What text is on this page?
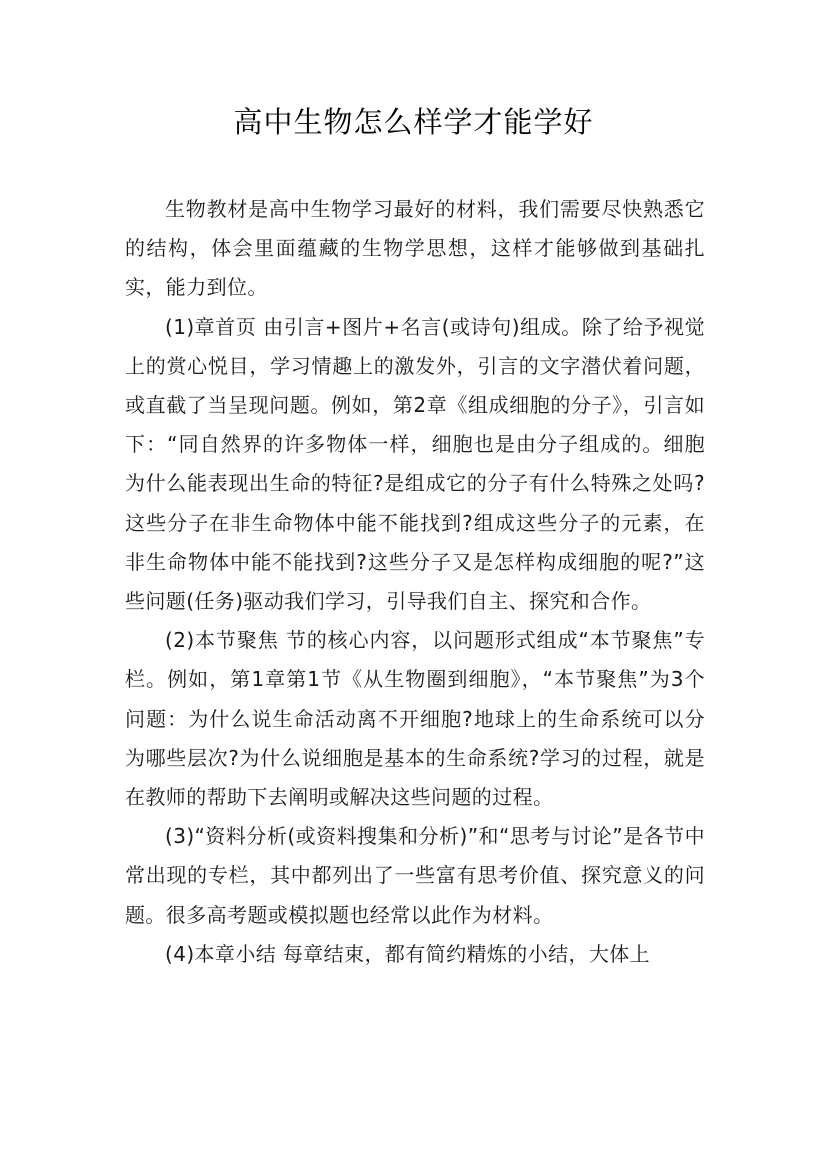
高中生物怎么样学才能学好

生物教材是高中生物学习最好的材料，我们需要尽快熟悉它的结构，体会里面蕴藏的生物学思想，这样才能够做到基础扎实，能力到位。

(1)章首页 由引言+图片+名言(或诗句)组成。除了给予视觉上的赏心悦目，学习情趣上的激发外，引言的文字潜伏着问题，或直截了当呈现问题。例如，第2章《组成细胞的分子》，引言如下：“同自然界的许多物体一样，细胞也是由分子组成的。细胞为什么能表现出生命的特征?是组成它的分子有什么特殊之处吗?这些分子在非生命物体中能不能找到?组成这些分子的元素，在非生命物体中能不能找到?这些分子又是怎样构成细胞的呢?”这些问题(任务)驱动我们学习，引导我们自主、探究和合作。

(2)本节聚焦 节的核心内容，以问题形式组成“本节聚焦”专栏。例如，第1章第1节《从生物圈到细胞》，“本节聚焦”为3个问题：为什么说生命活动离不开细胞?地球上的生命系统可以分为哪些层次?为什么说细胞是基本的生命系统?学习的过程，就是在教师的帮助下去阐明或解决这些问题的过程。

(3)“资料分析(或资料搜集和分析)”和“思考与讨论”是各节中常出现的专栏，其中都列出了一些富有思考价值、探究意义的问题。很多高考题或模拟题也经常以此作为材料。

(4)本章小结 每章结束，都有简约精炼的小结，大体上
